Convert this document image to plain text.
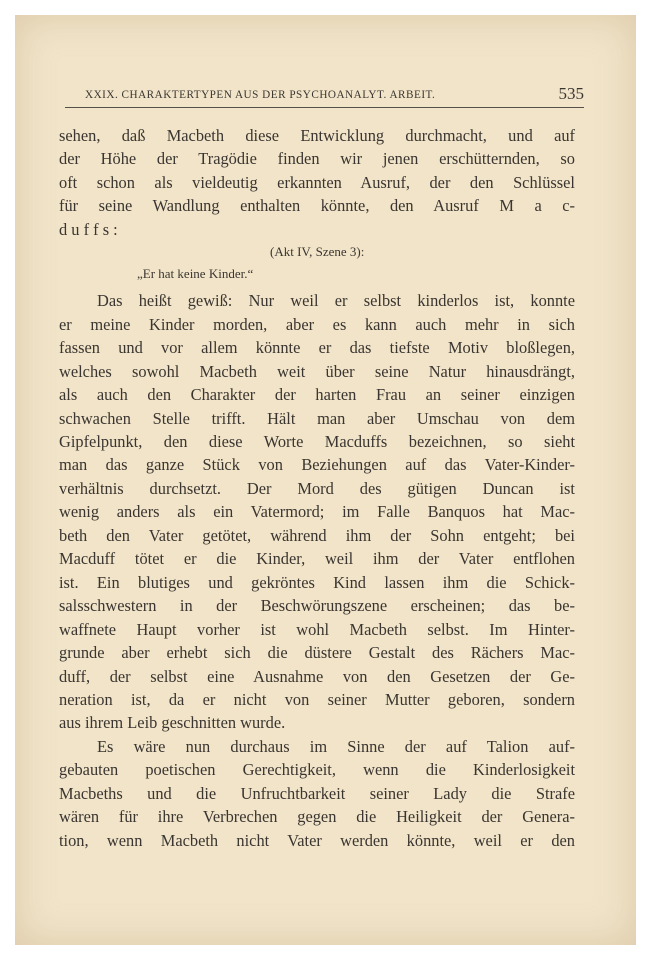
XXIX. CHARAKTERTYPEN AUS DER PSYCHOANALYT. ARBEIT.	535
sehen, daß Macbeth diese Entwicklung durchmacht, und auf
der Höhe der Tragödie finden wir jenen erschütternden, so
oft schon als vieldeutig erkannten Ausruf, der den Schlüssel
für seine Wandlung enthalten könnte, den Ausruf M a c-
d u f f s :
(Akt IV, Szene 3):
„Er hat keine Kinder.“
Das heißt gewiß: Nur weil er selbst kinderlos ist, konnte
er meine Kinder morden, aber es kann auch mehr in sich
fassen und vor allem könnte er das tiefste Motiv bloßlegen,
welches sowohl Macbeth weit über seine Natur hinausdrängt,
als auch den Charakter der harten Frau an seiner einzigen
schwachen Stelle trifft. Hält man aber Umschau von dem
Gipfelpunkt, den diese Worte Macduffs bezeichnen, so sieht
man das ganze Stück von Beziehungen auf das Vater-Kinder-
verhältnis durchsetzt. Der Mord des gütigen Duncan ist
wenig anders als ein Vatermord; im Falle Banquos hat Mac-
beth den Vater getötet, während ihm der Sohn entgeht; bei
Macduff tötet er die Kinder, weil ihm der Vater entflohen
ist. Ein blutiges und gekröntes Kind lassen ihm die Schick-
salsschwestern in der Beschwörungszene erscheinen; das be-
waffnete Haupt vorher ist wohl Macbeth selbst. Im Hinter-
grunde aber erhebt sich die düstere Gestalt des Rächers Mac-
duff, der selbst eine Ausnahme von den Gesetzen der Ge-
neration ist, da er nicht von seiner Mutter geboren, sondern
aus ihrem Leib geschnitten wurde.
Es wäre nun durchaus im Sinne der auf Talion auf-
gebauten poetischen Gerechtigkeit, wenn die Kinderlosigkeit
Macbeths und die Unfruchtbarkeit seiner Lady die Strafe
wären für ihre Verbrechen gegen die Heiligkeit der Genera-
tion, wenn Macbeth nicht Vater werden könnte, weil er den
